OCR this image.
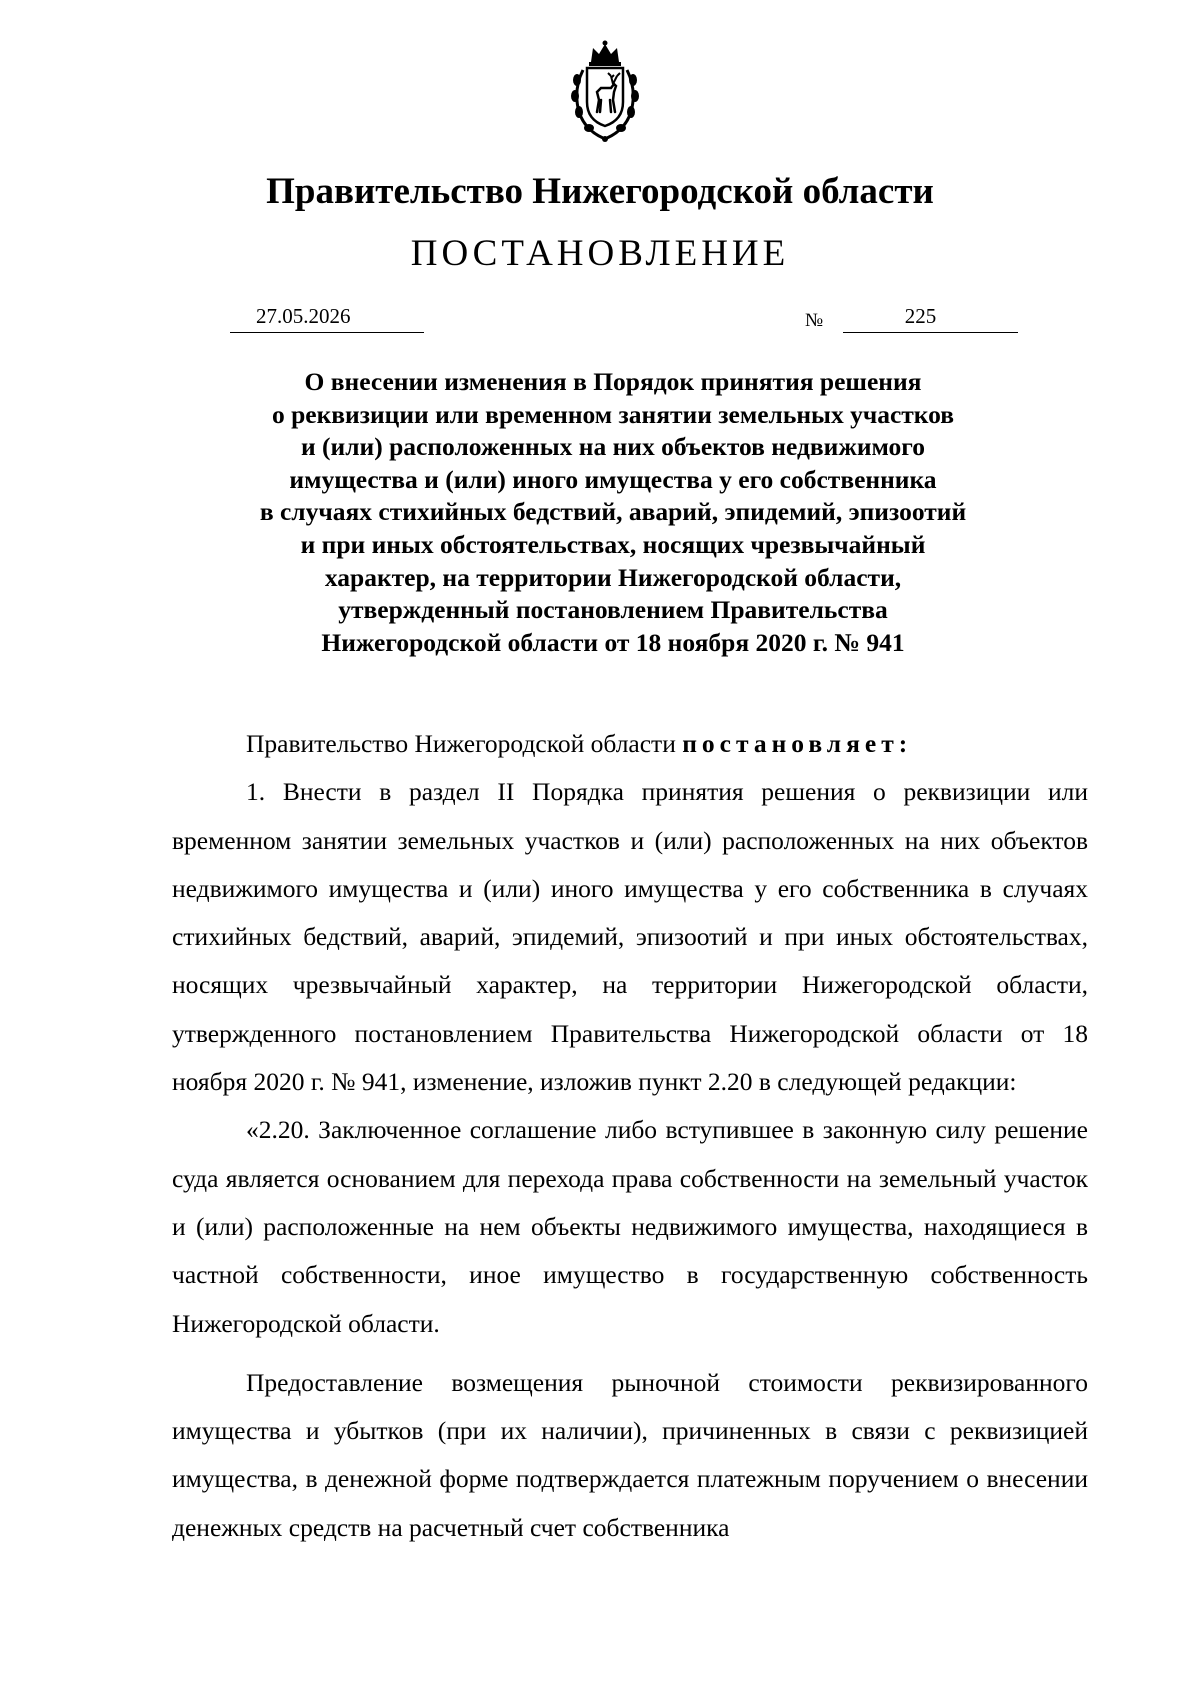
Правительство Нижегородской области
ПОСТАНОВЛЕНИЕ
27.05.2026	№	225
О внесении изменения в Порядок принятия решения
о реквизиции или временном занятии земельных участков
и (или) расположенных на них объектов недвижимого
имущества и (или) иного имущества у его собственника
в случаях стихийных бедствий, аварий, эпидемий, эпизоотий
и при иных обстоятельствах, носящих чрезвычайный
характер, на территории Нижегородской области,
утвержденный постановлением Правительства
Нижегородской области от 18 ноября 2020 г. № 941

Правительство Нижегородской области постановляет:

1. Внести в раздел II Порядка принятия решения о реквизиции или временном занятии земельных участков и (или) расположенных на них объектов недвижимого имущества и (или) иного имущества у его собственника в случаях стихийных бедствий, аварий, эпидемий, эпизоотий и при иных обстоятельствах, носящих чрезвычайный характер, на территории Нижегородской области, утвержденного постановлением Правительства Нижегородской области от 18 ноября 2020 г. № 941, изменение, изложив пункт 2.20 в следующей редакции:

«2.20. Заключенное соглашение либо вступившее в законную силу решение суда является основанием для перехода права собственности на земельный участок и (или) расположенные на нем объекты недвижимого имущества, находящиеся в частной собственности, иное имущество в государственную собственность Нижегородской области.

Предоставление возмещения рыночной стоимости реквизированного имущества и убытков (при их наличии), причиненных в связи с реквизицией имущества, в денежной форме подтверждается платежным поручением о внесении денежных средств на расчетный счет собственника
